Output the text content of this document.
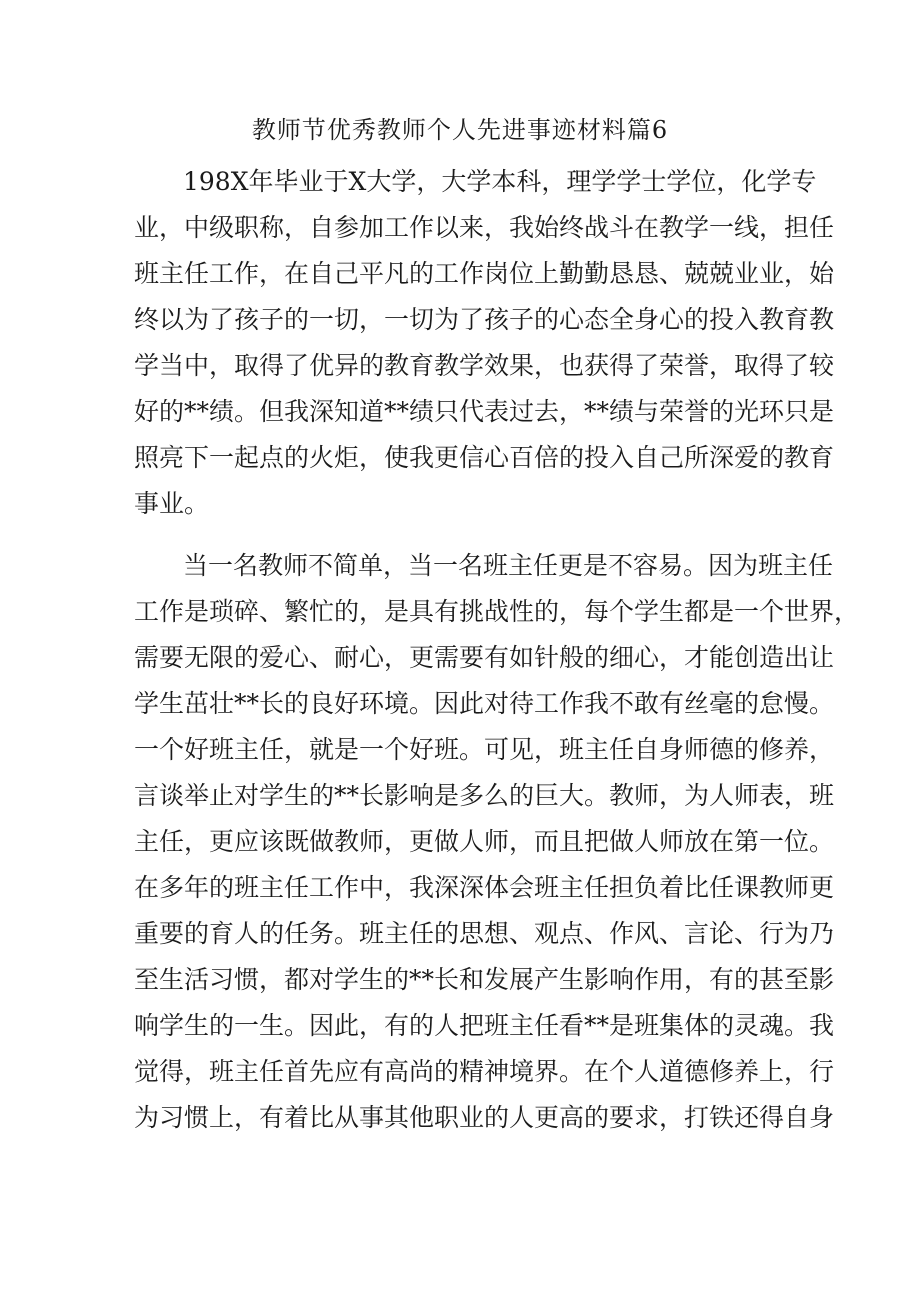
教师节优秀教师个人先进事迹材料篇6
198X年毕业于X大学，大学本科，理学学士学位，化学专
业，中级职称，自参加工作以来，我始终战斗在教学一线，担任
班主任工作，在自己平凡的工作岗位上勤勤恳恳、兢兢业业，始
终以为了孩子的一切，一切为了孩子的心态全身心的投入教育教
学当中，取得了优异的教育教学效果，也获得了荣誉，取得了较
好的**绩。但我深知道**绩只代表过去，**绩与荣誉的光环只是
照亮下一起点的火炬，使我更信心百倍的投入自己所深爱的教育
事业。
当一名教师不简单，当一名班主任更是不容易。因为班主任
工作是琐碎、繁忙的，是具有挑战性的，每个学生都是一个世界，
需要无限的爱心、耐心，更需要有如针般的细心，才能创造出让
学生茁壮**长的良好环境。因此对待工作我不敢有丝毫的怠慢。
一个好班主任，就是一个好班。可见，班主任自身师德的修养，
言谈举止对学生的**长影响是多么的巨大。教师，为人师表，班
主任，更应该既做教师，更做人师，而且把做人师放在第一位。
在多年的班主任工作中，我深深体会班主任担负着比任课教师更
重要的育人的任务。班主任的思想、观点、作风、言论、行为乃
至生活习惯，都对学生的**长和发展产生影响作用，有的甚至影
响学生的一生。因此，有的人把班主任看**是班集体的灵魂。我
觉得，班主任首先应有高尚的精神境界。在个人道德修养上，行
为习惯上，有着比从事其他职业的人更高的要求，打铁还得自身
